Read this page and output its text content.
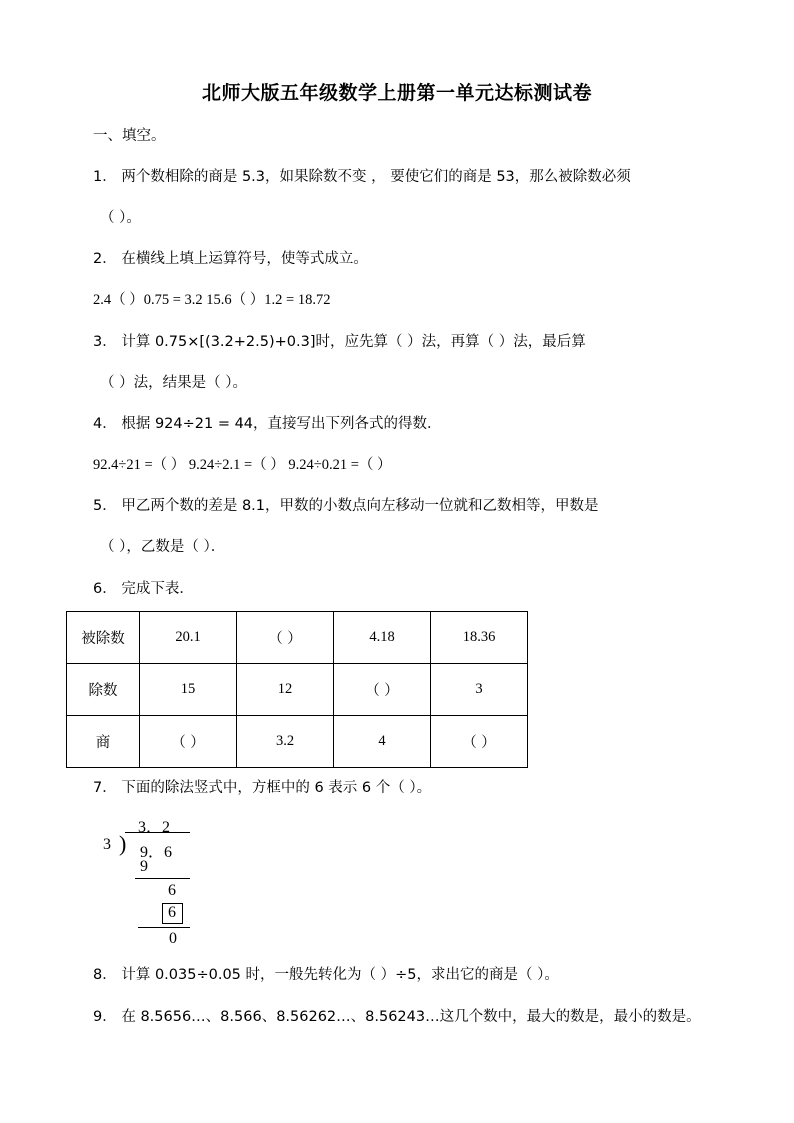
北师大版五年级数学上册第一单元达标测试卷
一、填空。
1． 两个数相除的商是 5.3，如果除数不变 ， 要使它们的商是 53，那么被除数必须
（ ）。
2． 在横线上填上运算符号，使等式成立。
2.4（ ）0.75 = 3.2 15.6（ ）1.2 = 18.72
3． 计算 0.75×[(3.2+2.5)+0.3]时，应先算（ ）法，再算（ ）法，最后算
（ ）法，结果是（ ）。
4． 根据 924÷21 = 44，直接写出下列各式的得数．
92.4÷21 =（ ） 9.24÷2.1 =（ ） 9.24÷0.21 =（ ）
5． 甲乙两个数的差是 8.1，甲数的小数点向左移动一位就和乙数相等，甲数是
（ ），乙数是（ ）．
6． 完成下表．
被除数	20.1	（ ）	4.18	18.36
除数	15	12	（ ）	3
商	（ ）	3.2	4	（ ）
7． 下面的除法竖式中，方框中的 6 表示 6 个（ ）。
3．2
3 ) 9．6
9
6
6
0
8． 计算 0.035÷0.05 时，一般先转化为（ ）÷5，求出它的商是（ ）。
9． 在 8.5656…、8.566、8.56262…、8.56243…这几个数中，最大的数是，最小的数是。
